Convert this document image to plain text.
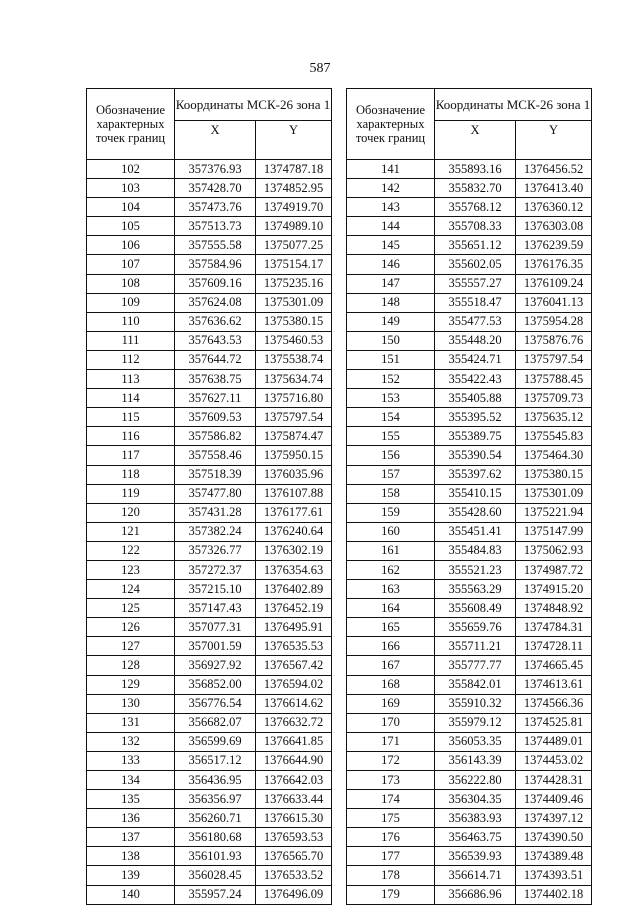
587
Обозначение характерных точек границ	Координаты МСК-26 зона 1	
	X	Y
102	357376.93	1374787.18
103	357428.70	1374852.95
104	357473.76	1374919.70
105	357513.73	1374989.10
106	357555.58	1375077.25
107	357584.96	1375154.17
108	357609.16	1375235.16
109	357624.08	1375301.09
110	357636.62	1375380.15
111	357643.53	1375460.53
112	357644.72	1375538.74
113	357638.75	1375634.74
114	357627.11	1375716.80
115	357609.53	1375797.54
116	357586.82	1375874.47
117	357558.46	1375950.15
118	357518.39	1376035.96
119	357477.80	1376107.88
120	357431.28	1376177.61
121	357382.24	1376240.64
122	357326.77	1376302.19
123	357272.37	1376354.63
124	357215.10	1376402.89
125	357147.43	1376452.19
126	357077.31	1376495.91
127	357001.59	1376535.53
128	356927.92	1376567.42
129	356852.00	1376594.02
130	356776.54	1376614.62
131	356682.07	1376632.72
132	356599.69	1376641.85
133	356517.12	1376644.90
134	356436.95	1376642.03
135	356356.97	1376633.44
136	356260.71	1376615.30
137	356180.68	1376593.53
138	356101.93	1376565.70
139	356028.45	1376533.52
140	355957.24	1376496.09
Обозначение характерных точек границ	Координаты МСК-26 зона 1	
	X	Y
141	355893.16	1376456.52
142	355832.70	1376413.40
143	355768.12	1376360.12
144	355708.33	1376303.08
145	355651.12	1376239.59
146	355602.05	1376176.35
147	355557.27	1376109.24
148	355518.47	1376041.13
149	355477.53	1375954.28
150	355448.20	1375876.76
151	355424.71	1375797.54
152	355422.43	1375788.45
153	355405.88	1375709.73
154	355395.52	1375635.12
155	355389.75	1375545.83
156	355390.54	1375464.30
157	355397.62	1375380.15
158	355410.15	1375301.09
159	355428.60	1375221.94
160	355451.41	1375147.99
161	355484.83	1375062.93
162	355521.23	1374987.72
163	355563.29	1374915.20
164	355608.49	1374848.92
165	355659.76	1374784.31
166	355711.21	1374728.11
167	355777.77	1374665.45
168	355842.01	1374613.61
169	355910.32	1374566.36
170	355979.12	1374525.81
171	356053.35	1374489.01
172	356143.39	1374453.02
173	356222.80	1374428.31
174	356304.35	1374409.46
175	356383.93	1374397.12
176	356463.75	1374390.50
177	356539.93	1374389.48
178	356614.71	1374393.51
179	356686.96	1374402.18
